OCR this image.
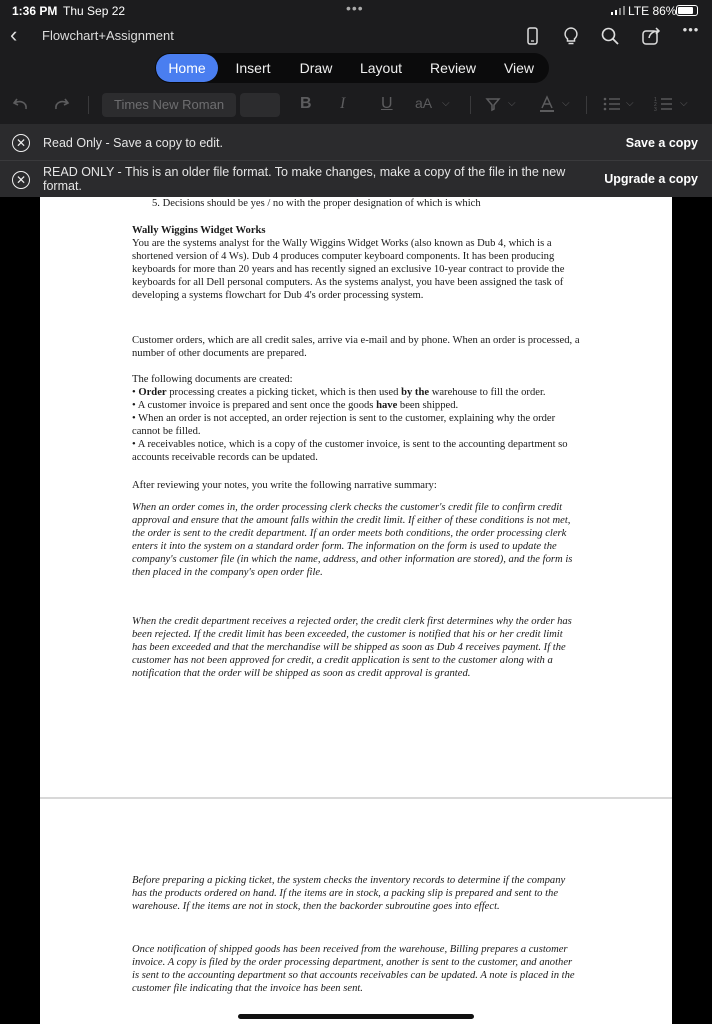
1:36 PM Thu Sep 22	•••	LTE 86%
‹ Flowchart+Assignment	•••
Home	Insert	Draw	Layout	Review	View
Times New Roman	B I U aA ⌵	⌵	⌵	⌵	1
2
3
⌵
✕	Read Only - Save a copy to edit.	Save a copy
✕
READ ONLY - This is an older file format. To make changes, make a copy of the file in the new format.	Upgrade a copy

5. Decisions should be yes / no with the proper designation of which is which

Wally Wiggins Widget Works

You are the systems analyst for the Wally Wiggins Widget Works (also known as Dub 4, which is a shortened version of 4 Ws). Dub 4 produces computer keyboard components. It has been producing keyboards for more than 20 years and has recently signed an exclusive 10-year contract to provide the keyboards for all Dell personal computers. As the systems analyst, you have been assigned the task of developing a systems flowchart for Dub 4's order processing system.

Customer orders, which are all credit sales, arrive via e-mail and by phone. When an order is processed, a number of other documents are prepared.

The following documents are created:

• Order processing creates a picking ticket, which is then used by the warehouse to fill the order.

• A customer invoice is prepared and sent once the goods have been shipped.

• When an order is not accepted, an order rejection is sent to the customer, explaining why the order cannot be filled.

• A receivables notice, which is a copy of the customer invoice, is sent to the accounting department so accounts receivable records can be updated.

After reviewing your notes, you write the following narrative summary:

When an order comes in, the order processing clerk checks the customer's credit file to confirm credit approval and ensure that the amount falls within the credit limit. If either of these conditions is not met, the order is sent to the credit department. If an order meets both conditions, the order processing clerk enters it into the system on a standard order form. The information on the form is used to update the company's customer file (in which the name, address, and other information are stored), and the form is then placed in the company's open order file.

When the credit department receives a rejected order, the credit clerk first determines why the order has been rejected. If the credit limit has been exceeded, the customer is notified that his or her credit limit has been exceeded and that the merchandise will be shipped as soon as Dub 4 receives payment. If the customer has not been approved for credit, a credit application is sent to the customer along with a notification that the order will be shipped as soon as credit approval is granted.

Before preparing a picking ticket, the system checks the inventory records to determine if the company has the products ordered on hand. If the items are in stock, a packing slip is prepared and sent to the warehouse. If the items are not in stock, then the backorder subroutine goes into effect.

Once notification of shipped goods has been received from the warehouse, Billing prepares a customer invoice. A copy is filed by the order processing department, another is sent to the customer, and another is sent to the accounting department so that accounts receivables can be updated. A note is placed in the customer file indicating that the invoice has been sent.
